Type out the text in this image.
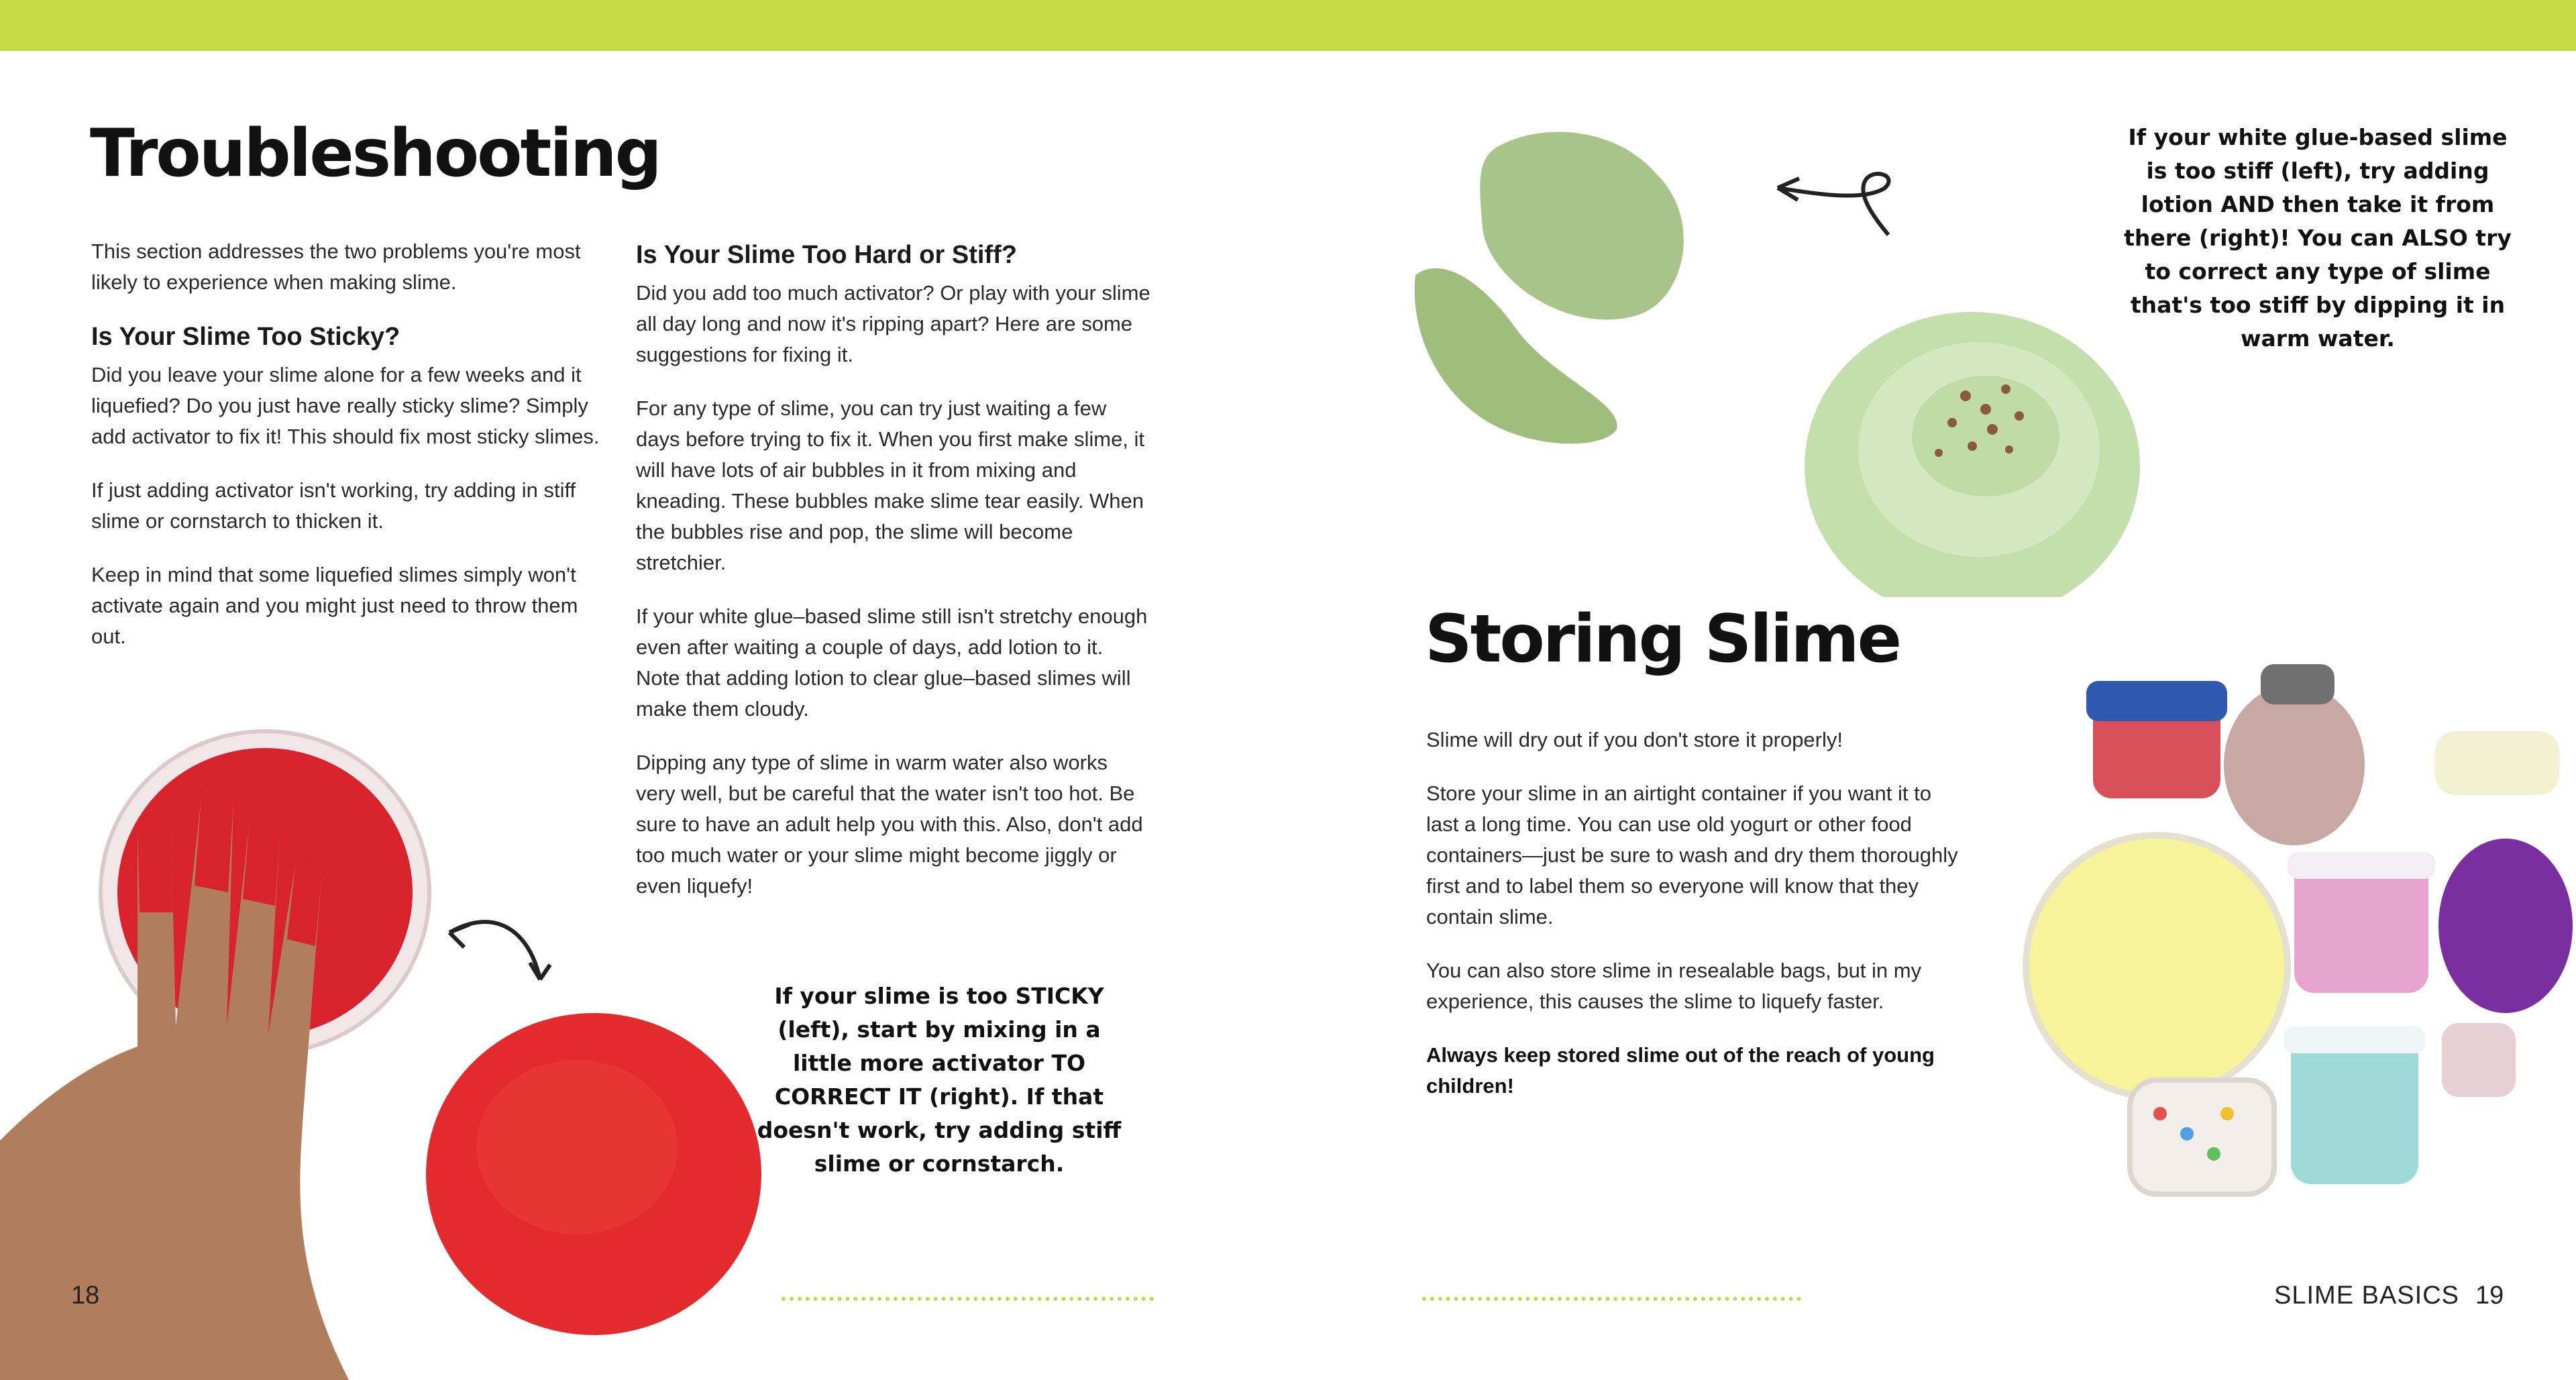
Troubleshooting

This section addresses the two problems you're most likely to experience when making slime.

Is Your Slime Too Sticky?

Did you leave your slime alone for a few weeks and it liquefied? Do you just have really sticky slime? Simply add activator to fix it! This should fix most sticky slimes.

If just adding activator isn't working, try adding in stiff slime or cornstarch to thicken it.

Keep in mind that some liquefied slimes simply won't activate again and you might just need to throw them out.

Is Your Slime Too Hard or Stiff?

Did you add too much activator? Or play with your slime all day long and now it's ripping apart? Here are some suggestions for fixing it.

For any type of slime, you can try just waiting a few days before trying to fix it. When you first make slime, it will have lots of air bubbles in it from mixing and kneading. These bubbles make slime tear easily. When the bubbles rise and pop, the slime will become stretchier.

If your white glue–based slime still isn't stretchy enough even after waiting a couple of days, add lotion to it. Note that adding lotion to clear glue–based slimes will make them cloudy.

Dipping any type of slime in warm water also works very well, but be careful that the water isn't too hot. Be sure to have an adult help you with this. Also, don't add too much water or your slime might become jiggly or even liquefy!

If your slime is too STICKY (left), start by mixing in a little more activator TO CORRECT IT (right). If that doesn't work, try adding stiff slime or cornstarch.

18

If your white glue-based slime is too stiff (left), try adding lotion AND then take it from there (right)! You can ALSO try to correct any type of slime that's too stiff by dipping it in warm water.

Storing Slime

Slime will dry out if you don't store it properly!

Store your slime in an airtight container if you want it to last a long time. You can use old yogurt or other food containers—just be sure to wash and dry them thoroughly first and to label them so everyone will know that they contain slime.

You can also store slime in resealable bags, but in my experience, this causes the slime to liquefy faster.

Always keep stored slime out of the reach of young children!

SLIME BASICS 19
